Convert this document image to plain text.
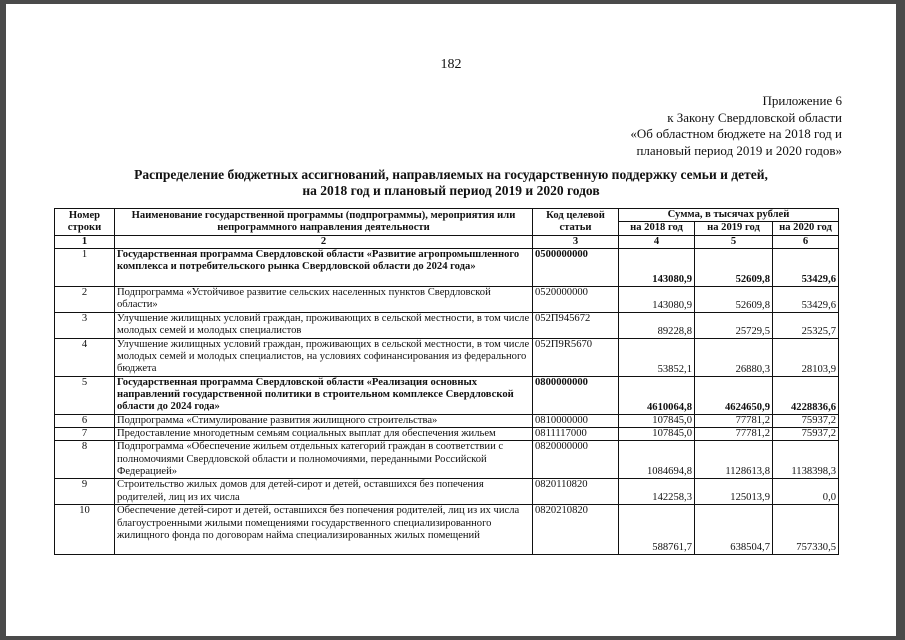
182
Приложение 6
к Закону Свердловской области
«Об областном бюджете на 2018 год и
плановый период 2019 и 2020 годов»
Распределение бюджетных ассигнований, направляемых на государственную поддержку семьи и детей,
на 2018 год и плановый период 2019 и 2020 годов
Номер строки	Наименование государственной программы (подпрограммы), мероприятия или непрограммного направления деятельности	Код целевой статьи	Сумма, в тысячах рублей		
			на 2018 год	на 2019 год	на 2020 год
1	2	3	4	5	6
1	Государственная программа Свердловской области «Развитие агропромышленного комплекса и потребительского рынка Свердловской области до 2024 года»	0500000000	143080,9	52609,8	53429,6
2	Подпрограмма «Устойчивое развитие сельских населенных пунктов Свердловской области»	0520000000	143080,9	52609,8	53429,6
3	Улучшение жилищных условий граждан, проживающих в сельской местности, в том числе молодых семей и молодых специалистов	052П945672	89228,8	25729,5	25325,7
4	Улучшение жилищных условий граждан, проживающих в сельской местности, в том числе молодых семей и молодых специалистов, на условиях софинансирования из федерального бюджета	052П9R5670	53852,1	26880,3	28103,9
5	Государственная программа Свердловской области «Реализация основных направлений государственной политики в строительном комплексе Свердловской области до 2024 года»	0800000000	4610064,8	4624650,9	4228836,6
6	Подпрограмма «Стимулирование развития жилищного строительства»	0810000000	107845,0	77781,2	75937,2
7	Предоставление многодетным семьям социальных выплат для обеспечения жильем	0811117000	107845,0	77781,2	75937,2
8	Подпрограмма «Обеспечение жильем отдельных категорий граждан в соответствии с полномочиями Свердловской области и полномочиями, переданными Российской Федерацией»	0820000000	1084694,8	1128613,8	1138398,3
9	Строительство жилых домов для детей-сирот и детей, оставшихся без попечения родителей, лиц из их числа	0820110820	142258,3	125013,9	0,0
10	Обеспечение детей-сирот и детей, оставшихся без попечения родителей, лиц из их числа благоустроенными жилыми помещениями государственного специализированного жилищного фонда по договорам найма специализированных жилых помещений	0820210820	588761,7	638504,7	757330,5
